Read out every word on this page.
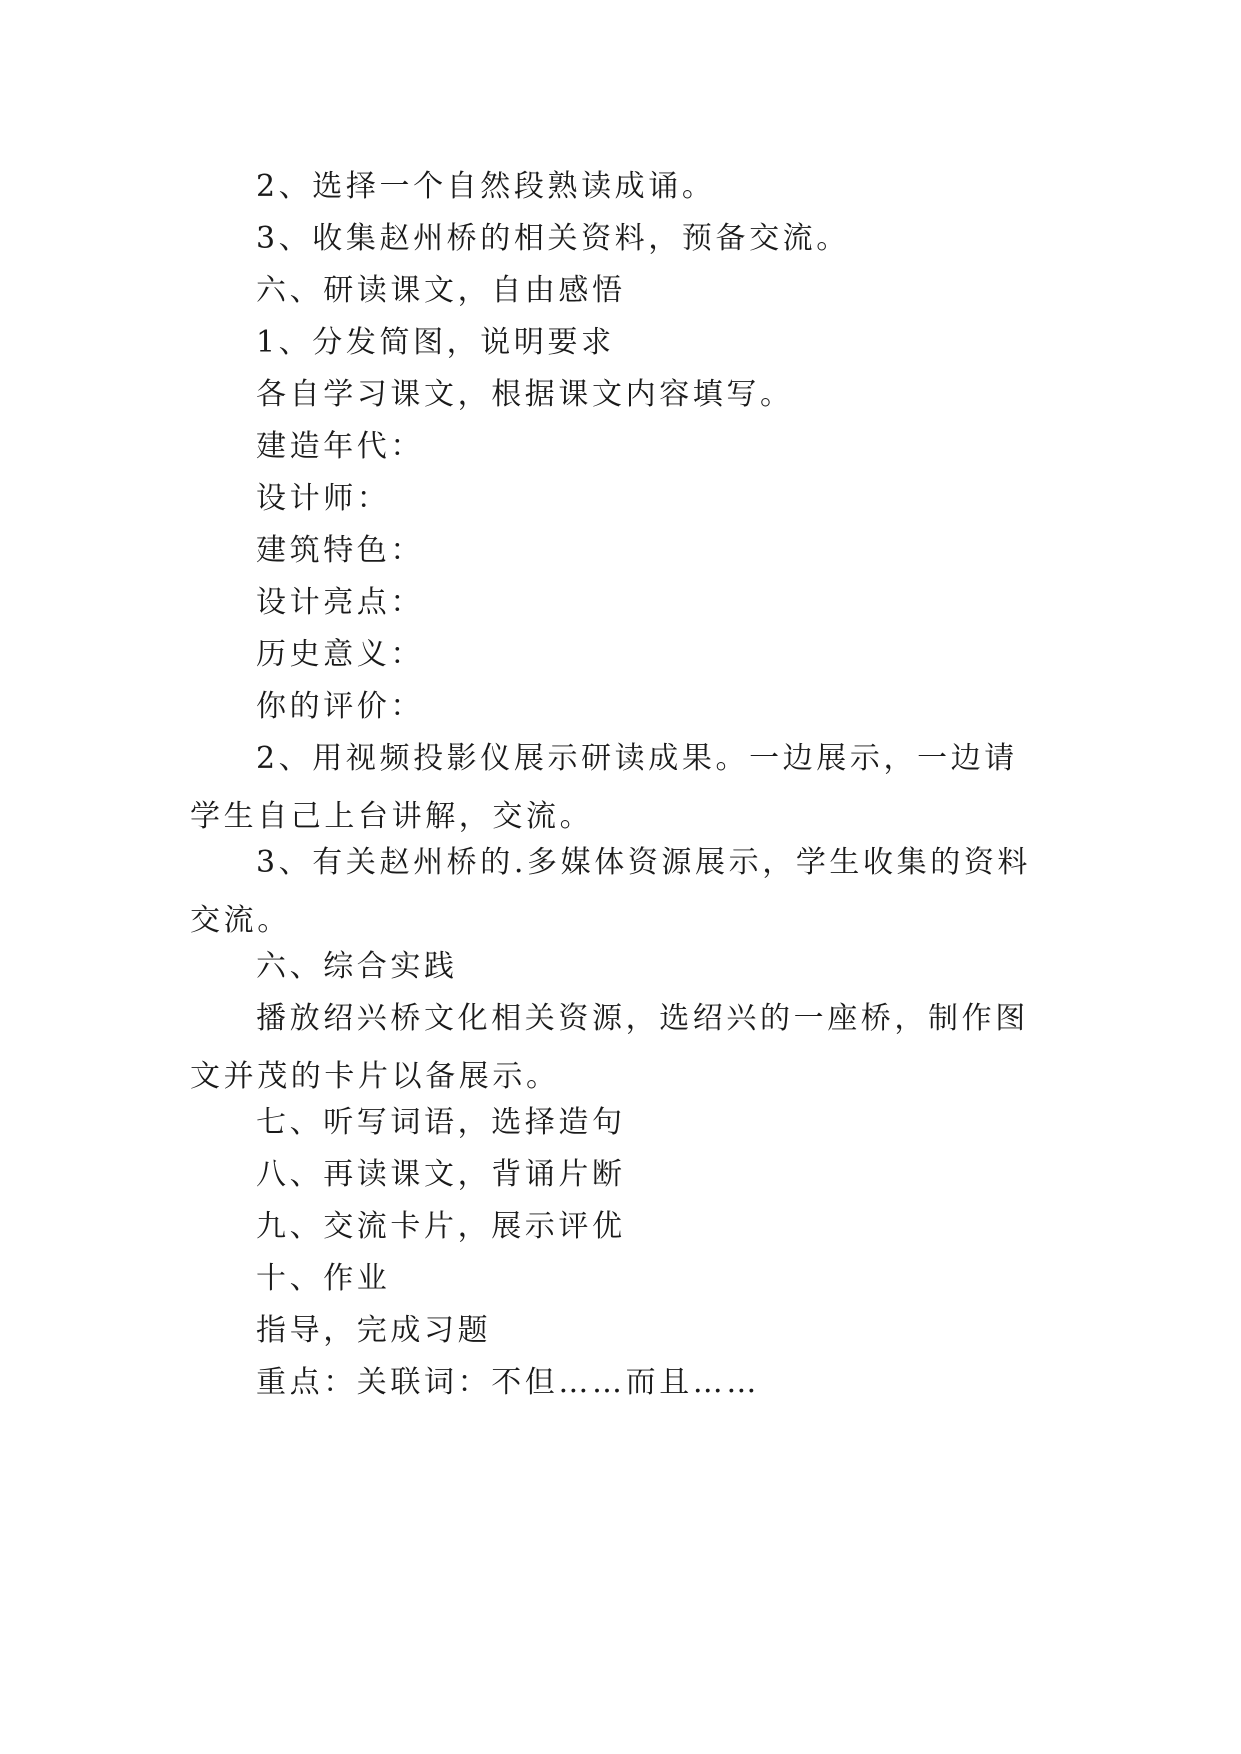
2、选择一个自然段熟读成诵。

3、收集赵州桥的相关资料，预备交流。

六、研读课文，自由感悟

1、分发简图，说明要求

各自学习课文，根据课文内容填写。

建造年代：

设计师：

建筑特色：

设计亮点：

历史意义：

你的评价：

2、用视频投影仪展示研读成果。一边展示，一边请学生自己上台讲解，交流。

3、有关赵州桥的.多媒体资源展示，学生收集的资料交流。

六、综合实践

播放绍兴桥文化相关资源，选绍兴的一座桥，制作图文并茂的卡片以备展示。

七、听写词语，选择造句

八、再读课文，背诵片断

九、交流卡片，展示评优

十、作业

指导，完成习题

重点：关联词：不但……而且……
